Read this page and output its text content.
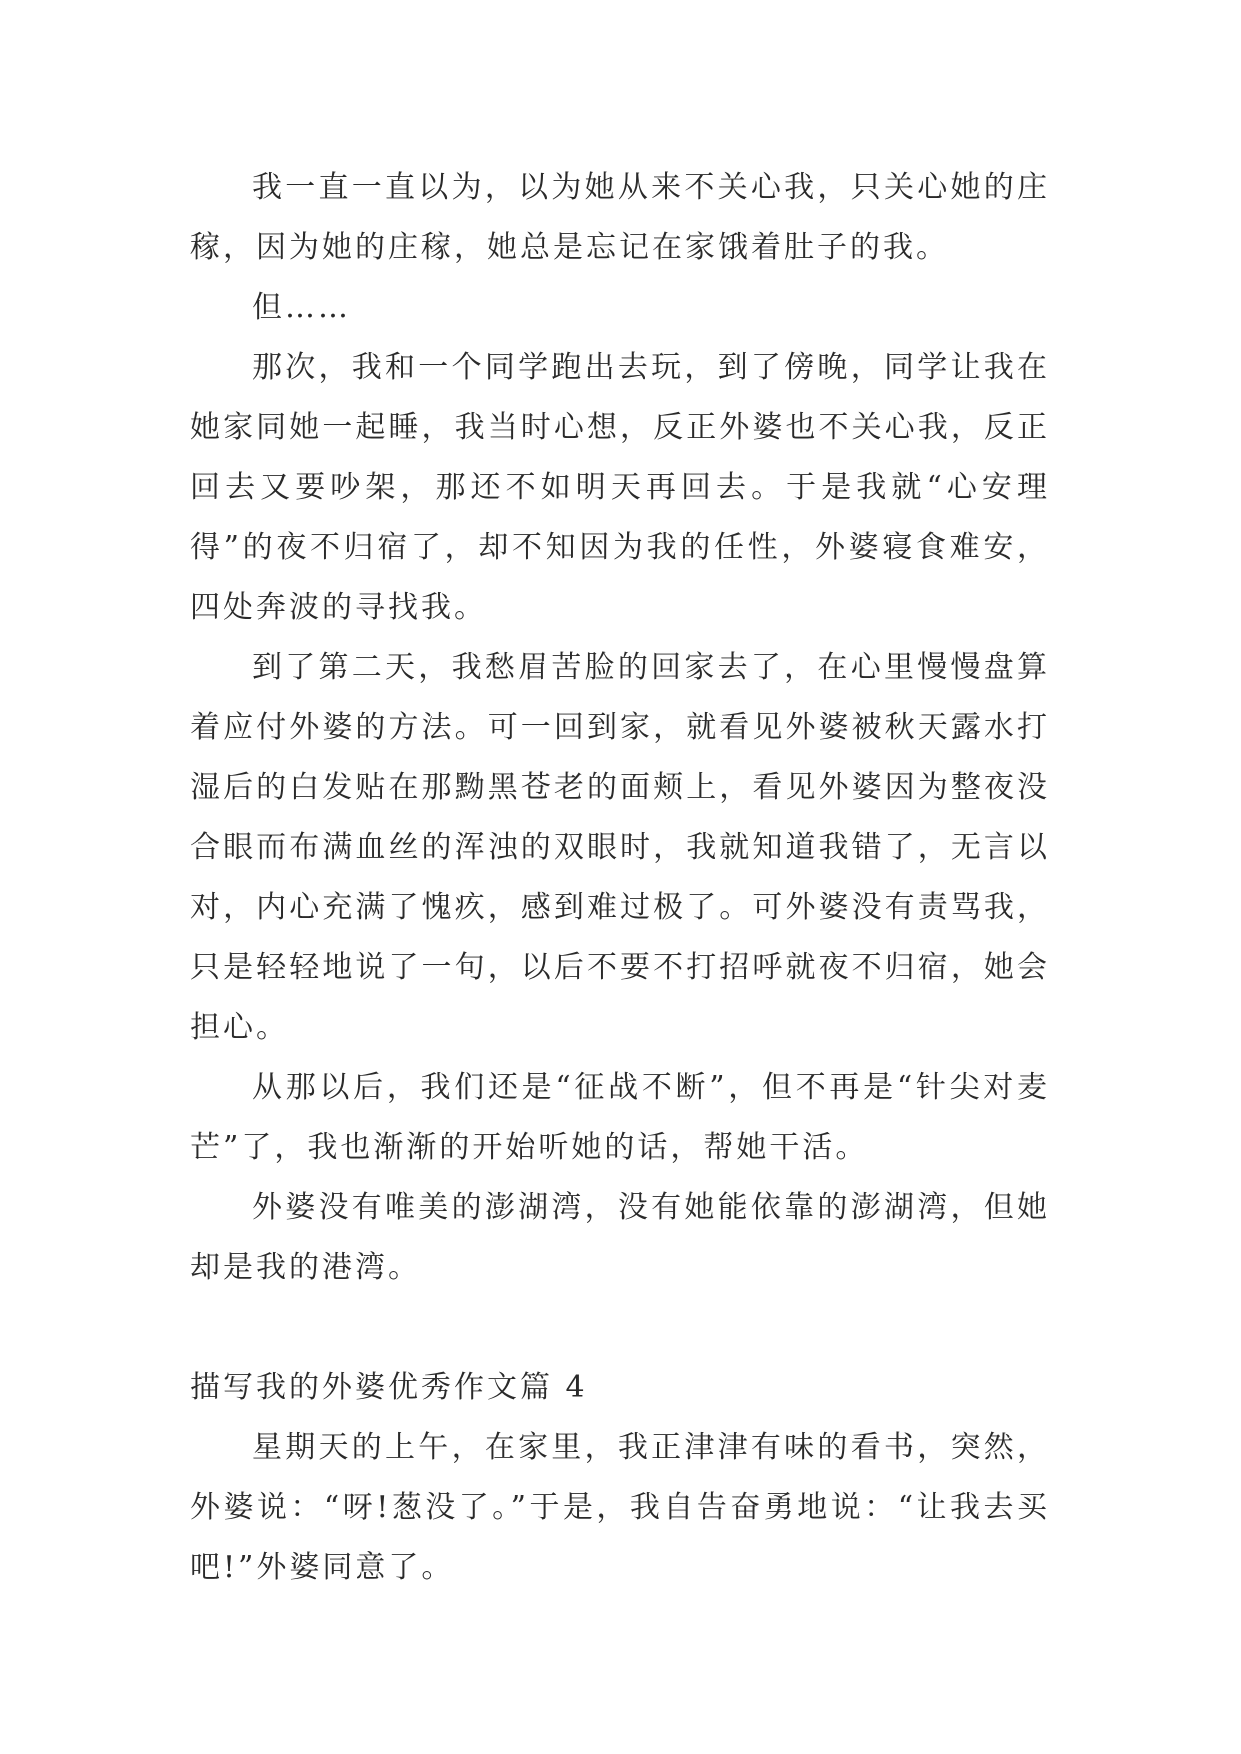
我一直一直以为，以为她从来不关心我，只关心她的庄稼，因为她的庄稼，她总是忘记在家饿着肚子的我。

但……

那次，我和一个同学跑出去玩，到了傍晚，同学让我在她家同她一起睡，我当时心想，反正外婆也不关心我，反正回去又要吵架，那还不如明天再回去。于是我就“心安理得”的夜不归宿了，却不知因为我的任性，外婆寝食难安，四处奔波的寻找我。

到了第二天，我愁眉苦脸的回家去了，在心里慢慢盘算着应付外婆的方法。可一回到家，就看见外婆被秋天露水打湿后的白发贴在那黝黑苍老的面颊上，看见外婆因为整夜没合眼而布满血丝的浑浊的双眼时，我就知道我错了，无言以对，内心充满了愧疚，感到难过极了。可外婆没有责骂我，只是轻轻地说了一句，以后不要不打招呼就夜不归宿，她会担心。

从那以后，我们还是“征战不断”，但不再是“针尖对麦芒”了，我也渐渐的开始听她的话，帮她干活。

外婆没有唯美的澎湖湾，没有她能依靠的澎湖湾，但她却是我的港湾。

描写我的外婆优秀作文篇 4

星期天的上午，在家里，我正津津有味的看书，突然，外婆说：“呀!葱没了。”于是，我自告奋勇地说：“让我去买吧!”外婆同意了。
